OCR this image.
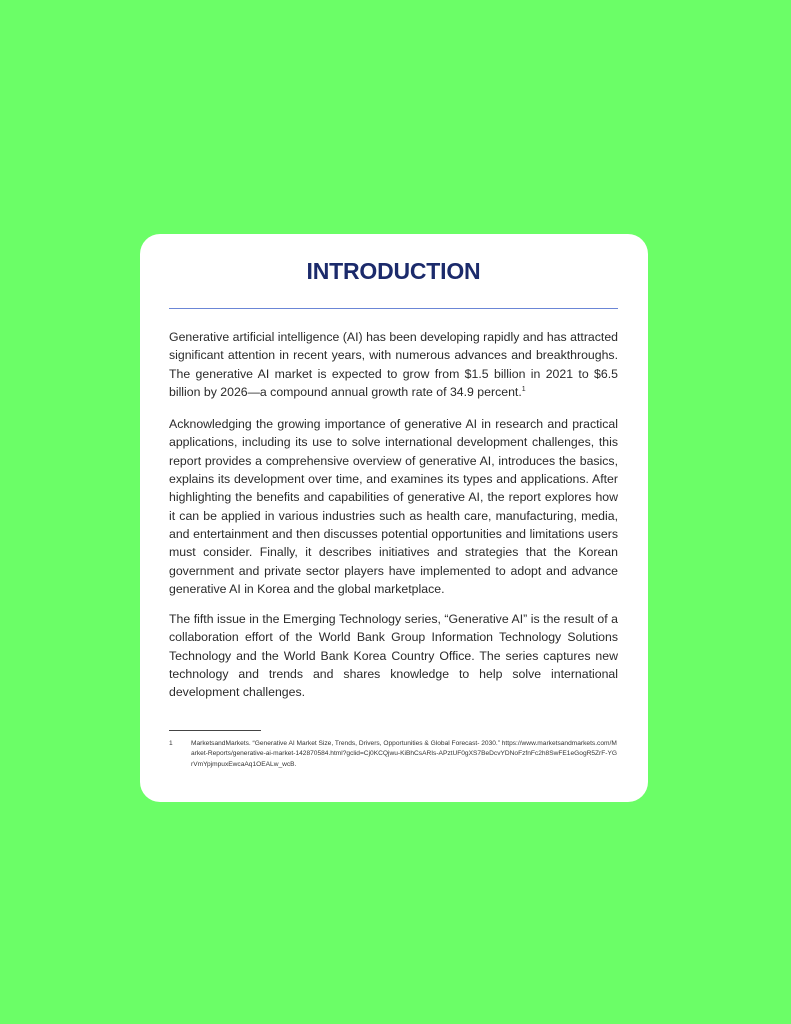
INTRODUCTION

Generative artificial intelligence (AI) has been developing rapidly and has attracted significant attention in recent years, with numerous advances and breakthroughs. The generative AI market is expected to grow from $1.5 billion in 2021 to $6.5 billion by 2026—a compound annual growth rate of 34.9 percent.$^1$

Acknowledging the growing importance of generative AI in research and practical applications, including its use to solve international development challenges, this report provides a comprehensive overview of generative AI, introduces the basics, explains its development over time, and examines its types and applications. After highlighting the benefits and capabilities of generative AI, the report explores how it can be applied in various industries such as health care, manufacturing, media, and entertainment and then discusses potential opportunities and limitations users must consider. Finally, it describes initiatives and strategies that the Korean government and private sector players have implemented to adopt and advance generative AI in Korea and the global marketplace.

The fifth issue in the Emerging Technology series, “Generative AI” is the result of a collaboration effort of the World Bank Group Information Technology Solutions Technology and the World Bank Korea Country Office. The series captures new technology and trends and shares knowledge to help solve international development challenges.

1	MarketsandMarkets. “Generative AI Market Size, Trends, Drivers, Opportunities & Global Forecast- 2030.” https://www.marketsandmarkets.com/Market-Reports/generative-ai-market-142870584.html?gclid=Cj0KCQjwu-KiBhCsARIs-APztUF0gXS7BeDcvYDNoFzfnFc2h8SwFE1eGogR5ZrF-YGrVmYpjmpuxEwcaAq1OEALw_wcB.
